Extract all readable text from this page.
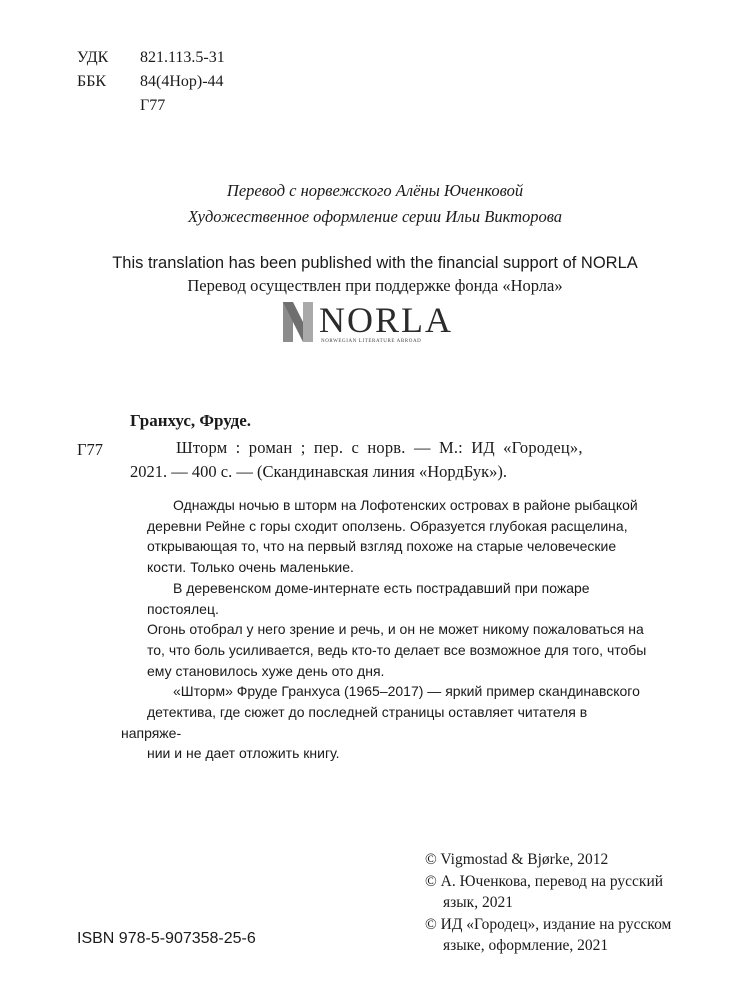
УДК 821.113.5-31
ББК 84(4Нор)-44
Г77
Перевод с норвежского Алёны Юченковой
Художественное оформление серии Ильи Викторова
This translation has been published with the financial support of NORLA
Перевод осуществлен при поддержке фонда «Норла»
NORLA
NORWEGIAN LITERATURE ABROAD
Гранхус, Фруде.
Г77	Шторм : роман ; пер. с норв. — М.: ИД «Городец»,
2021. — 400 с. — (Скандинавская линия «НордБук»).

Однажды ночью в шторм на Лофотенских островах в районе рыбацкой
деревни Рейне с горы сходит оползень. Образуется глубокая расщелина,
открывающая то, что на первый взгляд похоже на старые человеческие
кости. Только очень маленькие.

В деревенском доме-интернате есть пострадавший при пожаре постоялец.
Огонь отобрал у него зрение и речь, и он не может никому пожаловаться на
то, что боль усиливается, ведь кто-то делает все возможное для того, чтобы
ему становилось хуже день ото дня.

«Шторм» Фруде Гранхуса (1965–2017) — яркий пример скандинавского
детектива, где сюжет до последней страницы оставляет читателя в напряже-
нии и не дает отложить книгу.

© Vigmostad & Bjørke, 2012
© А. Юченкова, перевод на русский
язык, 2021
© ИД «Городец», издание на русском
языке, оформление, 2021
ISBN 978-5-907358-25-6
